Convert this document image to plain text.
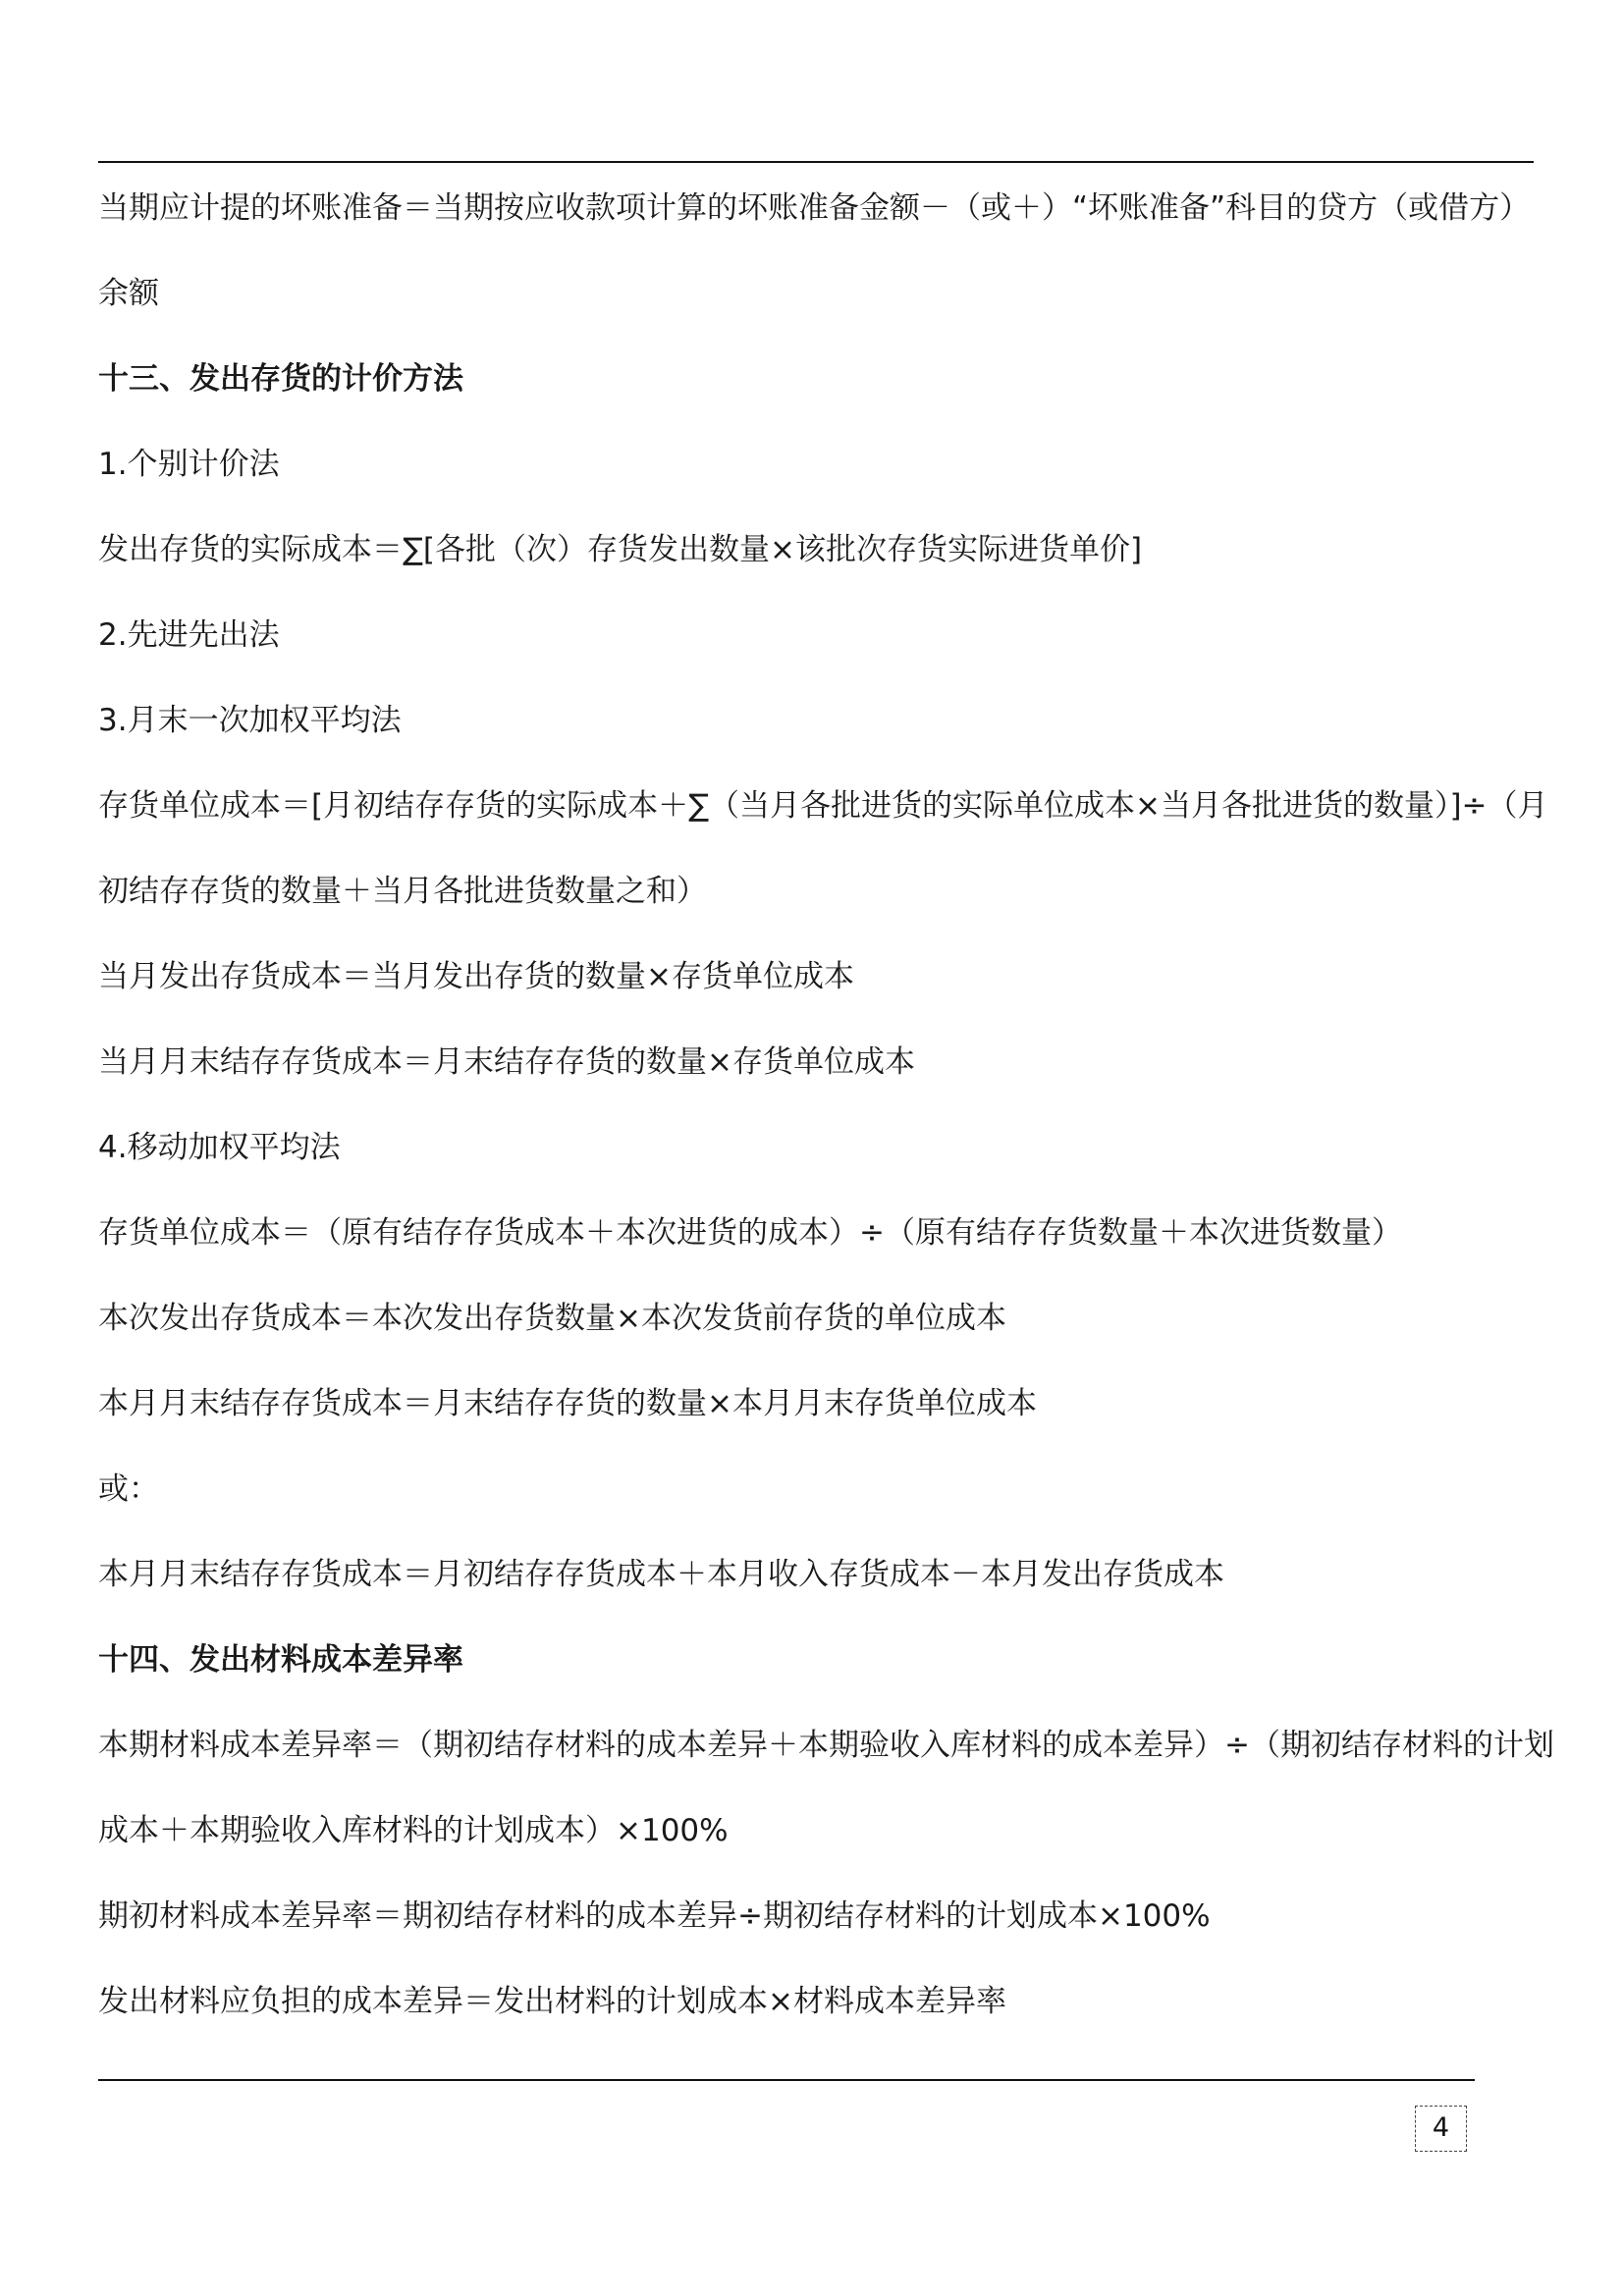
当期应计提的坏账准备＝当期按应收款项计算的坏账准备金额－（或＋）“坏账准备”科目的贷方（或借方）
余额
十三、发出存货的计价方法
1.个别计价法
发出存货的实际成本＝∑[各批（次）存货发出数量×该批次存货实际进货单价]
2.先进先出法
3.月末一次加权平均法
存货单位成本＝[月初结存存货的实际成本＋∑（当月各批进货的实际单位成本×当月各批进货的数量）]÷（月
初结存存货的数量＋当月各批进货数量之和）
当月发出存货成本＝当月发出存货的数量×存货单位成本
当月月末结存存货成本＝月末结存存货的数量×存货单位成本
4.移动加权平均法
存货单位成本＝（原有结存存货成本＋本次进货的成本）÷（原有结存存货数量＋本次进货数量）
本次发出存货成本＝本次发出存货数量×本次发货前存货的单位成本
本月月末结存存货成本＝月末结存存货的数量×本月月末存货单位成本
或：
本月月末结存存货成本＝月初结存存货成本＋本月收入存货成本－本月发出存货成本
十四、发出材料成本差异率
本期材料成本差异率＝（期初结存材料的成本差异＋本期验收入库材料的成本差异）÷（期初结存材料的计划
成本＋本期验收入库材料的计划成本）×100%
期初材料成本差异率＝期初结存材料的成本差异÷期初结存材料的计划成本×100%
发出材料应负担的成本差异＝发出材料的计划成本×材料成本差异率
4
